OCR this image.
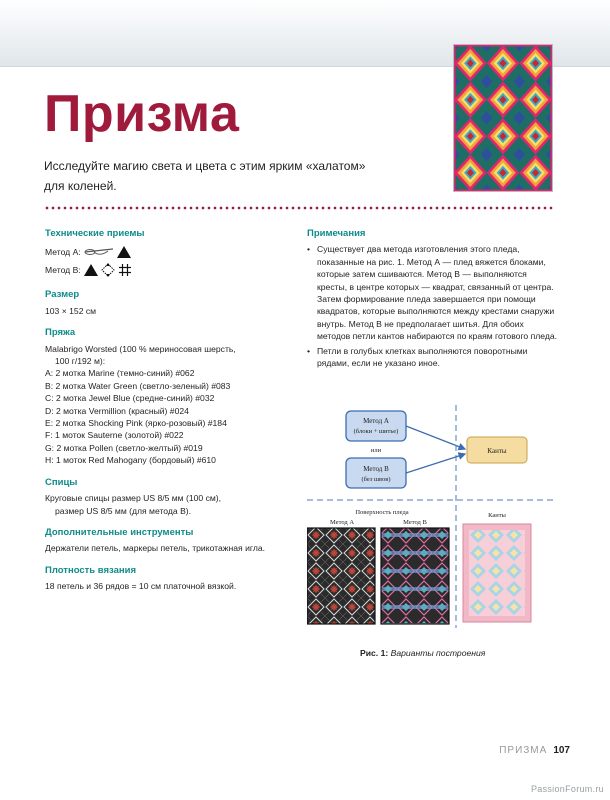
Призма
Исследуйте магию света и цвета с этим ярким «халатом» для коленей.
Технические приемы
Метод А:
Метод В:
Размер

103 × 152 см

Пряжа

Malabrigo Worsted (100 % мериносовая шерсть,

100 г/192 м):

A: 2 мотка Marine (темно-синий) #062

B: 2 мотка Water Green (светло-зеленый) #083

C: 2 мотка Jewel Blue (средне-синий) #032

D: 2 мотка Vermillion (красный) #024

E: 2 мотка Shocking Pink (ярко-розовый) #184

F: 1 моток Sauterne (золотой) #022

G: 2 мотка Pollen (светло-желтый) #019

H: 1 моток Red Mahogany (бордовый) #610

Спицы

Круговые спицы размер US 8/5 мм (100 см),

размер US 8/5 мм (для метода В).

Дополнительные инструменты

Держатели петель, маркеры петель, трикотажная игла.

Плотность вязания

18 петель и 36 рядов = 10 см платочной вязкой.

Примечания
• Существует два метода изготовления этого пледа, показанные на рис. 1. Метод А — плед вяжется блоками, которые затем сшиваются. Метод В — выполняются кресты, в центре которых — квадрат, связанный от центра. Затем формирование пледа завершается при помощи квадратов, которые выполняются между крестами снаружи внутрь. Метод В не предполагает шитья. Для обоих методов петли кантов набираются по краям готового пледа.
• Петли в голубых клетках выполняются поворотными рядами, если не указано иное.
Метод А
(блоки + шитье)
или
Метод В
(без швов)
Канты
Поверхность пледа
Метод А	Метод В
Канты
Рис. 1: Варианты построения
ПРИЗМА 107
PassionForum.ru
